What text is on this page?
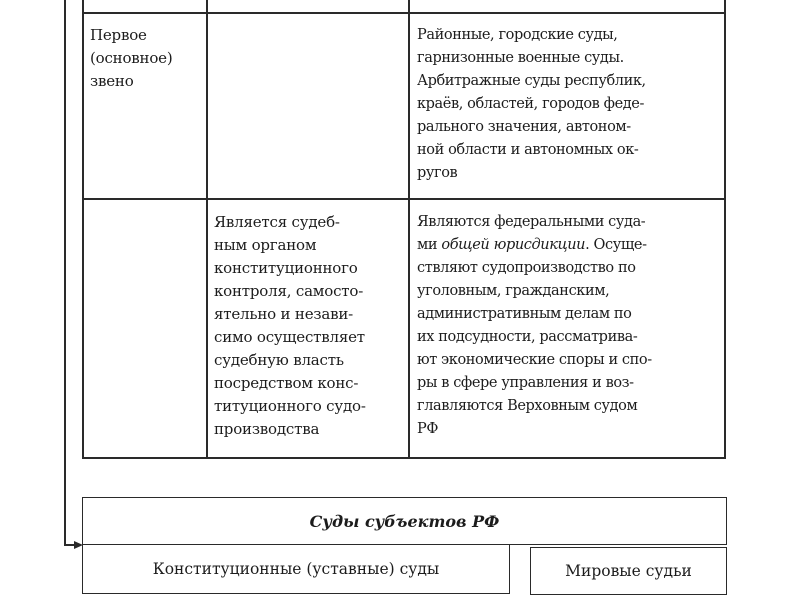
Первое
(основное)
звено

Районные, городские суды,
гарнизонные военные суды.
Арбитражные суды республик,
краёв, областей, городов феде-
рального значения, автоном-
ной области и автономных ок-
ругов

Является судеб-
ным органом
конституционного
контроля, самосто-
ятельно и незави-
симо осуществляет
судебную власть
посредством конс-
титуционного судо-
производства

Являются федеральными суда-
ми общей юрисдикции. Осуще-
ствляют судопроизводство по
уголовным, гражданским,
административным делам по
их подсудности, рассматрива-
ют экономические споры и спо-
ры в сфере управления и воз-
главляются Верховным судом
РФ

Суды субъектов РФ
Конституционные (уставные) суды	Мировые судьи
